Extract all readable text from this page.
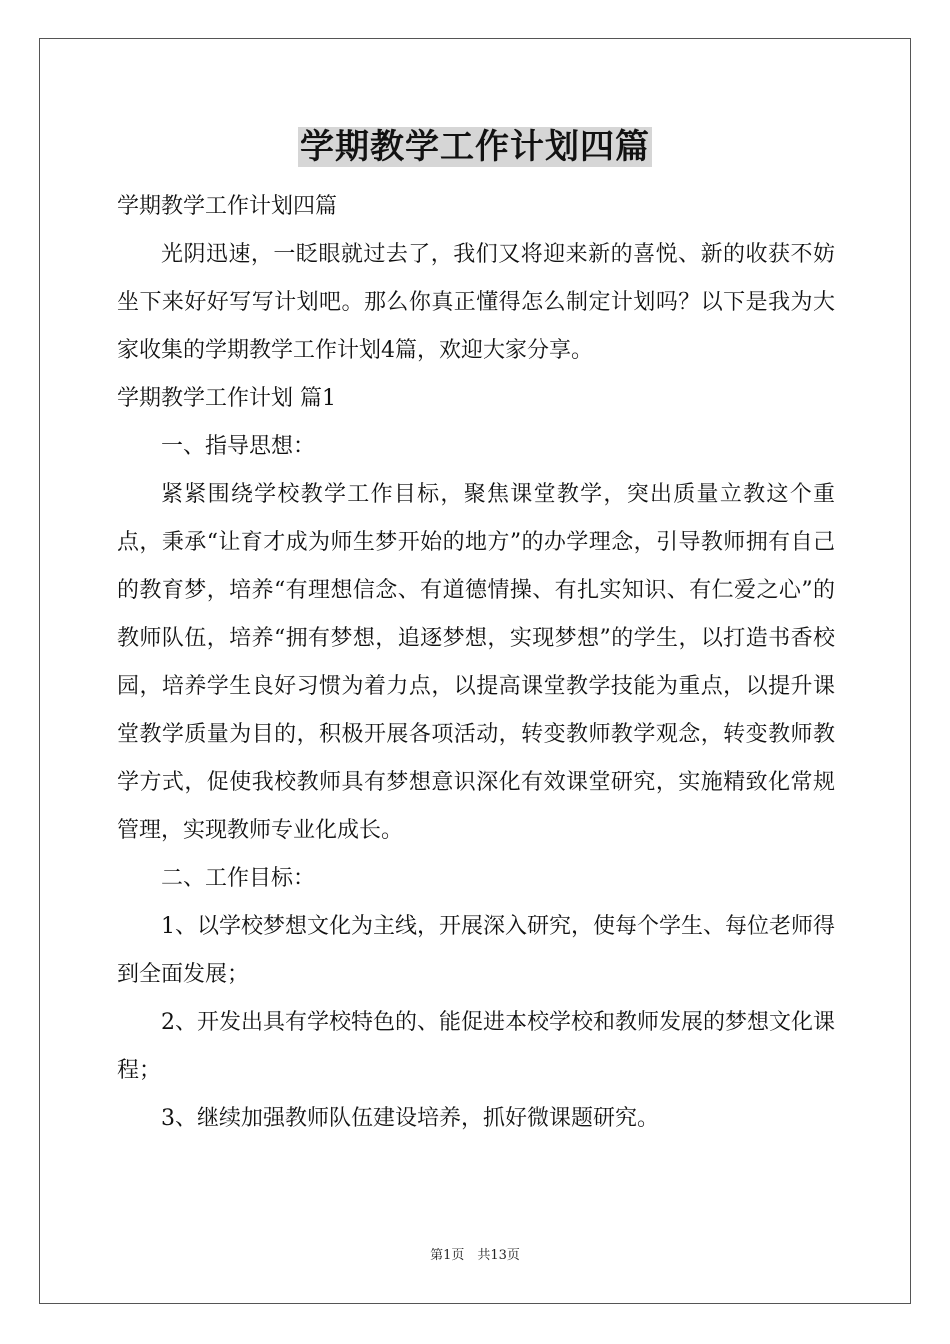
学期教学工作计划四篇

学期教学工作计划四篇

光阴迅速，一眨眼就过去了，我们又将迎来新的喜悦、新的收获不妨坐下来好好写写计划吧。那么你真正懂得怎么制定计划吗？以下是我为大家收集的学期教学工作计划4篇，欢迎大家分享。

学期教学工作计划 篇1

一、指导思想：

紧紧围绕学校教学工作目标，聚焦课堂教学，突出质量立教这个重点，秉承“让育才成为师生梦开始的地方”的办学理念，引导教师拥有自己的教育梦，培养“有理想信念、有道德情操、有扎实知识、有仁爱之心”的教师队伍，培养“拥有梦想，追逐梦想，实现梦想”的学生，以打造书香校园，培养学生良好习惯为着力点，以提高课堂教学技能为重点，以提升课堂教学质量为目的，积极开展各项活动，转变教师教学观念，转变教师教学方式，促使我校教师具有梦想意识深化有效课堂研究，实施精致化常规管理，实现教师专业化成长。

二、工作目标：

1、以学校梦想文化为主线，开展深入研究，使每个学生、每位老师得到全面发展；

2、开发出具有学校特色的、能促进本校学校和教师发展的梦想文化课程；

3、继续加强教师队伍建设培养，抓好微课题研究。

第1页　共13页
